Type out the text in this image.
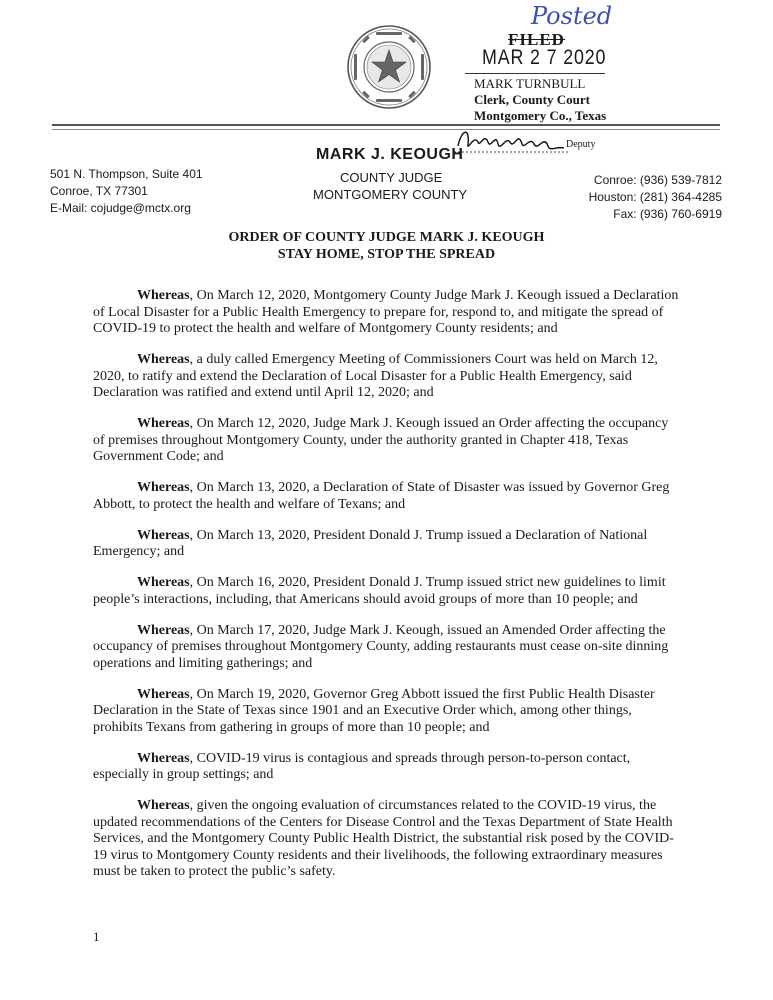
Posted
FILED
MAR 2 7 2020
MARK TURNBULL
Clerk, County Court
Montgomery Co., Texas
Deputy
MARK J. KEOUGH
COUNTY JUDGE
MONTGOMERY COUNTY
501 N. Thompson, Suite 401
Conroe, TX 77301
E-Mail: cojudge@mctx.org
Conroe: (936) 539-7812
Houston: (281) 364-4285
Fax: (936) 760-6919
ORDER OF COUNTY JUDGE MARK J. KEOUGH
STAY HOME, STOP THE SPREAD

Whereas, On March 12, 2020, Montgomery County Judge Mark J. Keough issued a Declaration of Local Disaster for a Public Health Emergency to prepare for, respond to, and mitigate the spread of COVID-19 to protect the health and welfare of Montgomery County residents; and

Whereas, a duly called Emergency Meeting of Commissioners Court was held on March 12, 2020, to ratify and extend the Declaration of Local Disaster for a Public Health Emergency, said Declaration was ratified and extend until April 12, 2020; and

Whereas, On March 12, 2020, Judge Mark J. Keough issued an Order affecting the occupancy of premises throughout Montgomery County, under the authority granted in Chapter 418, Texas Government Code; and

Whereas, On March 13, 2020, a Declaration of State of Disaster was issued by Governor Greg Abbott, to protect the health and welfare of Texans; and

Whereas, On March 13, 2020, President Donald J. Trump issued a Declaration of National Emergency; and

Whereas, On March 16, 2020, President Donald J. Trump issued strict new guidelines to limit people’s interactions, including, that Americans should avoid groups of more than 10 people; and

Whereas, On March 17, 2020, Judge Mark J. Keough, issued an Amended Order affecting the occupancy of premises throughout Montgomery County, adding restaurants must cease on-site dinning operations and limiting gatherings; and

Whereas, On March 19, 2020, Governor Greg Abbott issued the first Public Health Disaster Declaration in the State of Texas since 1901 and an Executive Order which, among other things, prohibits Texans from gathering in groups of more than 10 people; and

Whereas, COVID-19 virus is contagious and spreads through person-to-person contact, especially in group settings; and

Whereas, given the ongoing evaluation of circumstances related to the COVID-19 virus, the updated recommendations of the Centers for Disease Control and the Texas Department of State Health Services, and the Montgomery County Public Health District, the substantial risk posed by the COVID-19 virus to Montgomery County residents and their livelihoods, the following extraordinary measures must be taken to protect the public’s safety.

1
